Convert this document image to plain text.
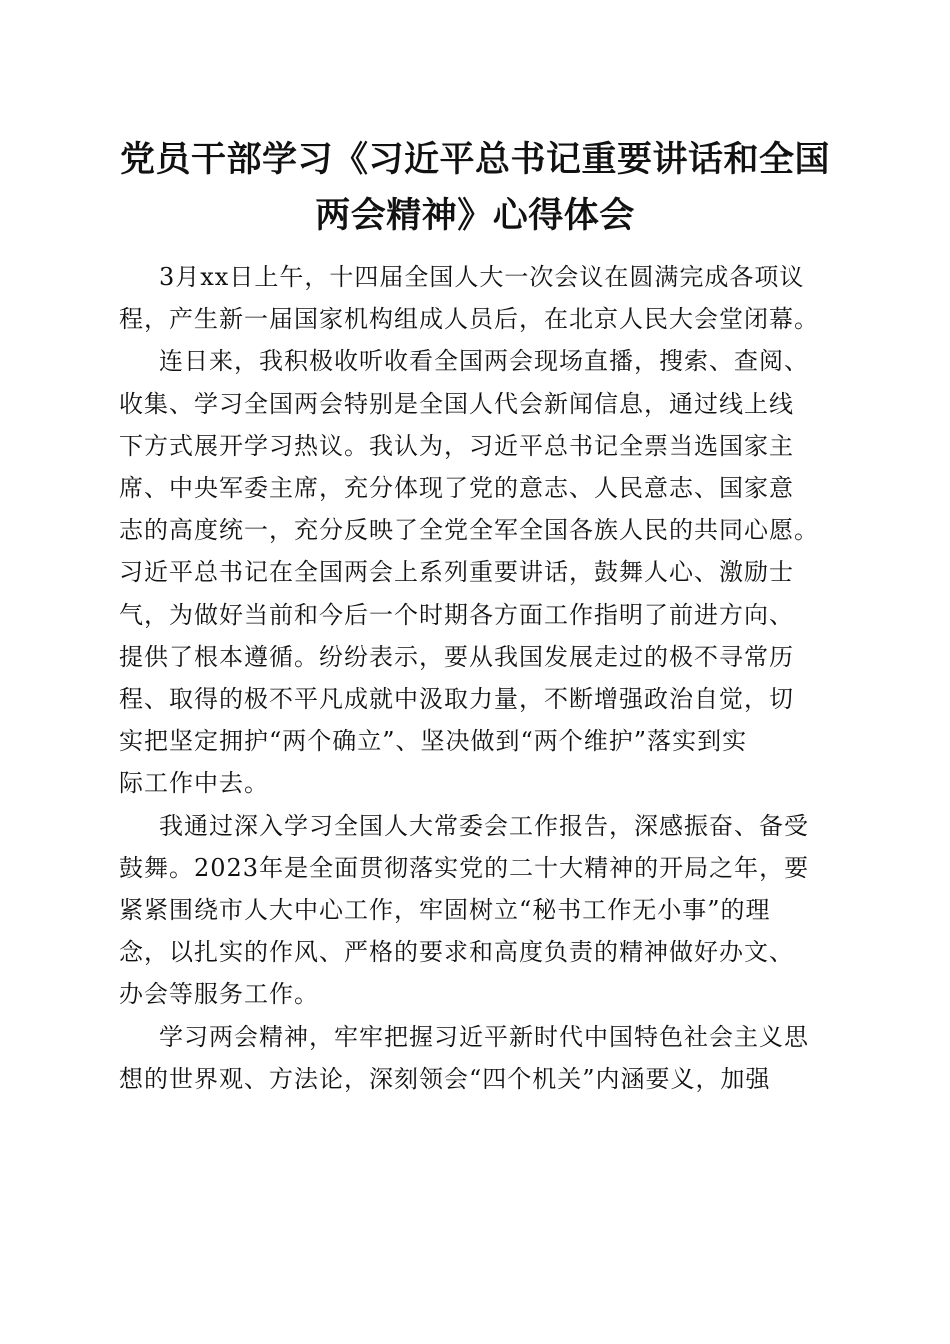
党员干部学习《习近平总书记重要讲话和全国
两会精神》心得体会

3月xx日上午，十四届全国人大一次会议在圆满完成各项议
程，产生新一届国家机构组成人员后，在北京人民大会堂闭幕。

连日来，我积极收听收看全国两会现场直播，搜索、查阅、
收集、学习全国两会特别是全国人代会新闻信息，通过线上线
下方式展开学习热议。我认为，习近平总书记全票当选国家主
席、中央军委主席，充分体现了党的意志、人民意志、国家意
志的高度统一，充分反映了全党全军全国各族人民的共同心愿。
习近平总书记在全国两会上系列重要讲话，鼓舞人心、激励士
气，为做好当前和今后一个时期各方面工作指明了前进方向、
提供了根本遵循。纷纷表示，要从我国发展走过的极不寻常历
程、取得的极不平凡成就中汲取力量，不断增强政治自觉，切
实把坚定拥护“两个确立”、坚决做到“两个维护”落实到实
际工作中去。

我通过深入学习全国人大常委会工作报告，深感振奋、备受
鼓舞。2023年是全面贯彻落实党的二十大精神的开局之年，要
紧紧围绕市人大中心工作，牢固树立“秘书工作无小事”的理
念，以扎实的作风、严格的要求和高度负责的精神做好办文、
办会等服务工作。

学习两会精神，牢牢把握习近平新时代中国特色社会主义思
想的世界观、方法论，深刻领会“四个机关”内涵要义，加强
